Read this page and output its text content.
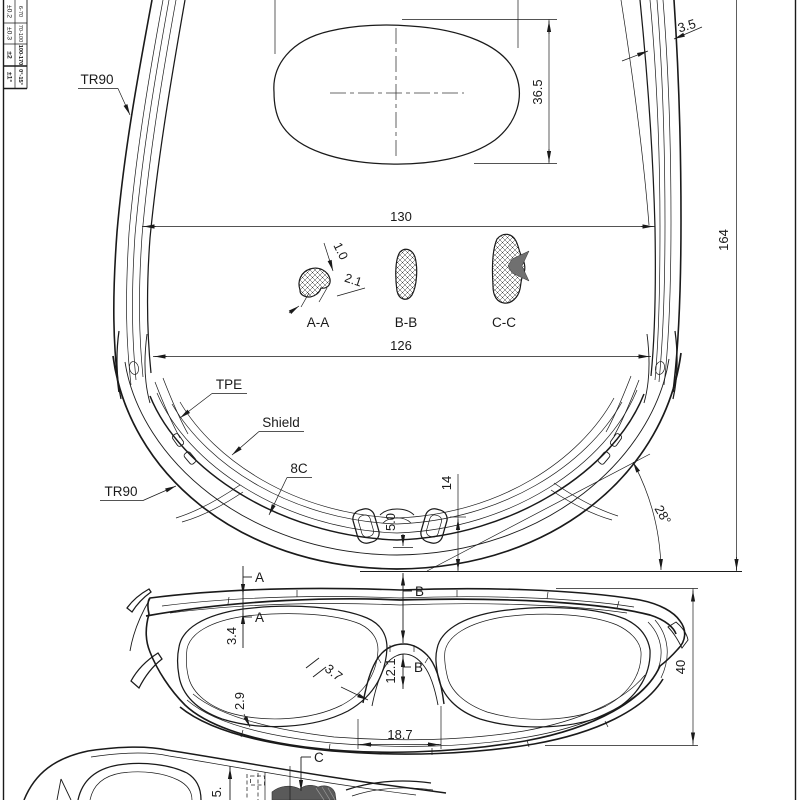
±0.2 6-70
±0.3 70-100
±2 100-170
±1° 0°-15°
36.5
1.0
2.1
A-A	B-B	C-C
130
126
164
3.5
28°
5.0
14
B
TR90
TPE
Shield
8C
TR90
A
A
3.4
2.9
3.7	12.1 B
18.7
40
C
5.
